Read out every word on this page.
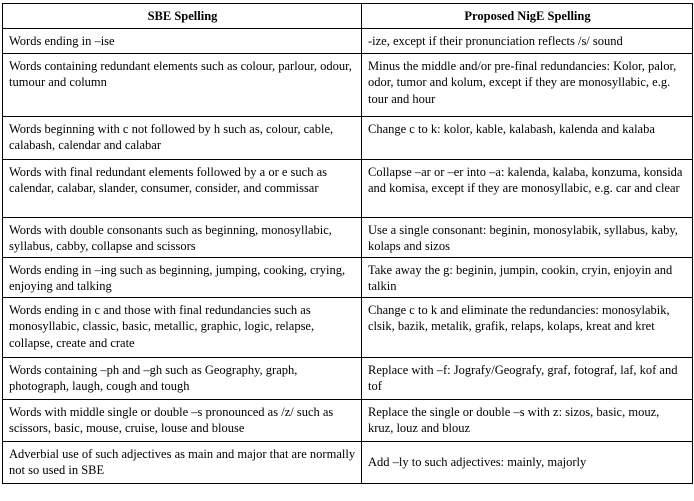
SBE Spelling	Proposed NigE Spelling
Words ending in –ise	-ize, except if their pronunciation reflects /s/ sound
Words containing redundant elements such as colour, parlour, odour, tumour and column	Minus the middle and/or pre-final redundancies: Kolor, palor, odor, tumor and kolum, except if they are monosyllabic, e.g. tour and hour
Words beginning with c not followed by h such as, colour, cable, calabash, calendar and calabar	Change c to k: kolor, kable, kalabash, kalenda and kalaba
Words with final redundant elements followed by a or e such as calendar, calabar, slander, consumer, consider, and commissar	Collapse –ar or –er into –a: kalenda, kalaba, konzuma, konsida and komisa, except if they are monosyllabic, e.g. car and clear
Words with double consonants such as beginning, monosyllabic, syllabus, cabby, collapse and scissors	Use a single consonant: beginin, monosylabik, syllabus, kaby, kolaps and sizos
Words ending in –ing such as beginning, jumping, cooking, crying, enjoying and talking	Take away the g: beginin, jumpin, cookin, cryin, enjoyin and talkin
Words ending in c and those with final redundancies such as monosyllabic, classic, basic, metallic, graphic, logic, relapse, collapse, create and crate	Change c to k and eliminate the redundancies: monosylabik, clsik, bazik, metalik, grafik, relaps, kolaps, kreat and kret
Words containing –ph and –gh such as Geography, graph, photograph, laugh, cough and tough	Replace with –f: Jografy/Geografy, graf, fotograf, laf, kof and tof
Words with middle single or double –s pronounced as /z/ such as scissors, basic, mouse, cruise, louse and blouse	Replace the single or double –s with z: sizos, basic, mouz, kruz, louz and blouz
Adverbial use of such adjectives as main and major that are normally not so used in SBE	Add –ly to such adjectives: mainly, majorly
